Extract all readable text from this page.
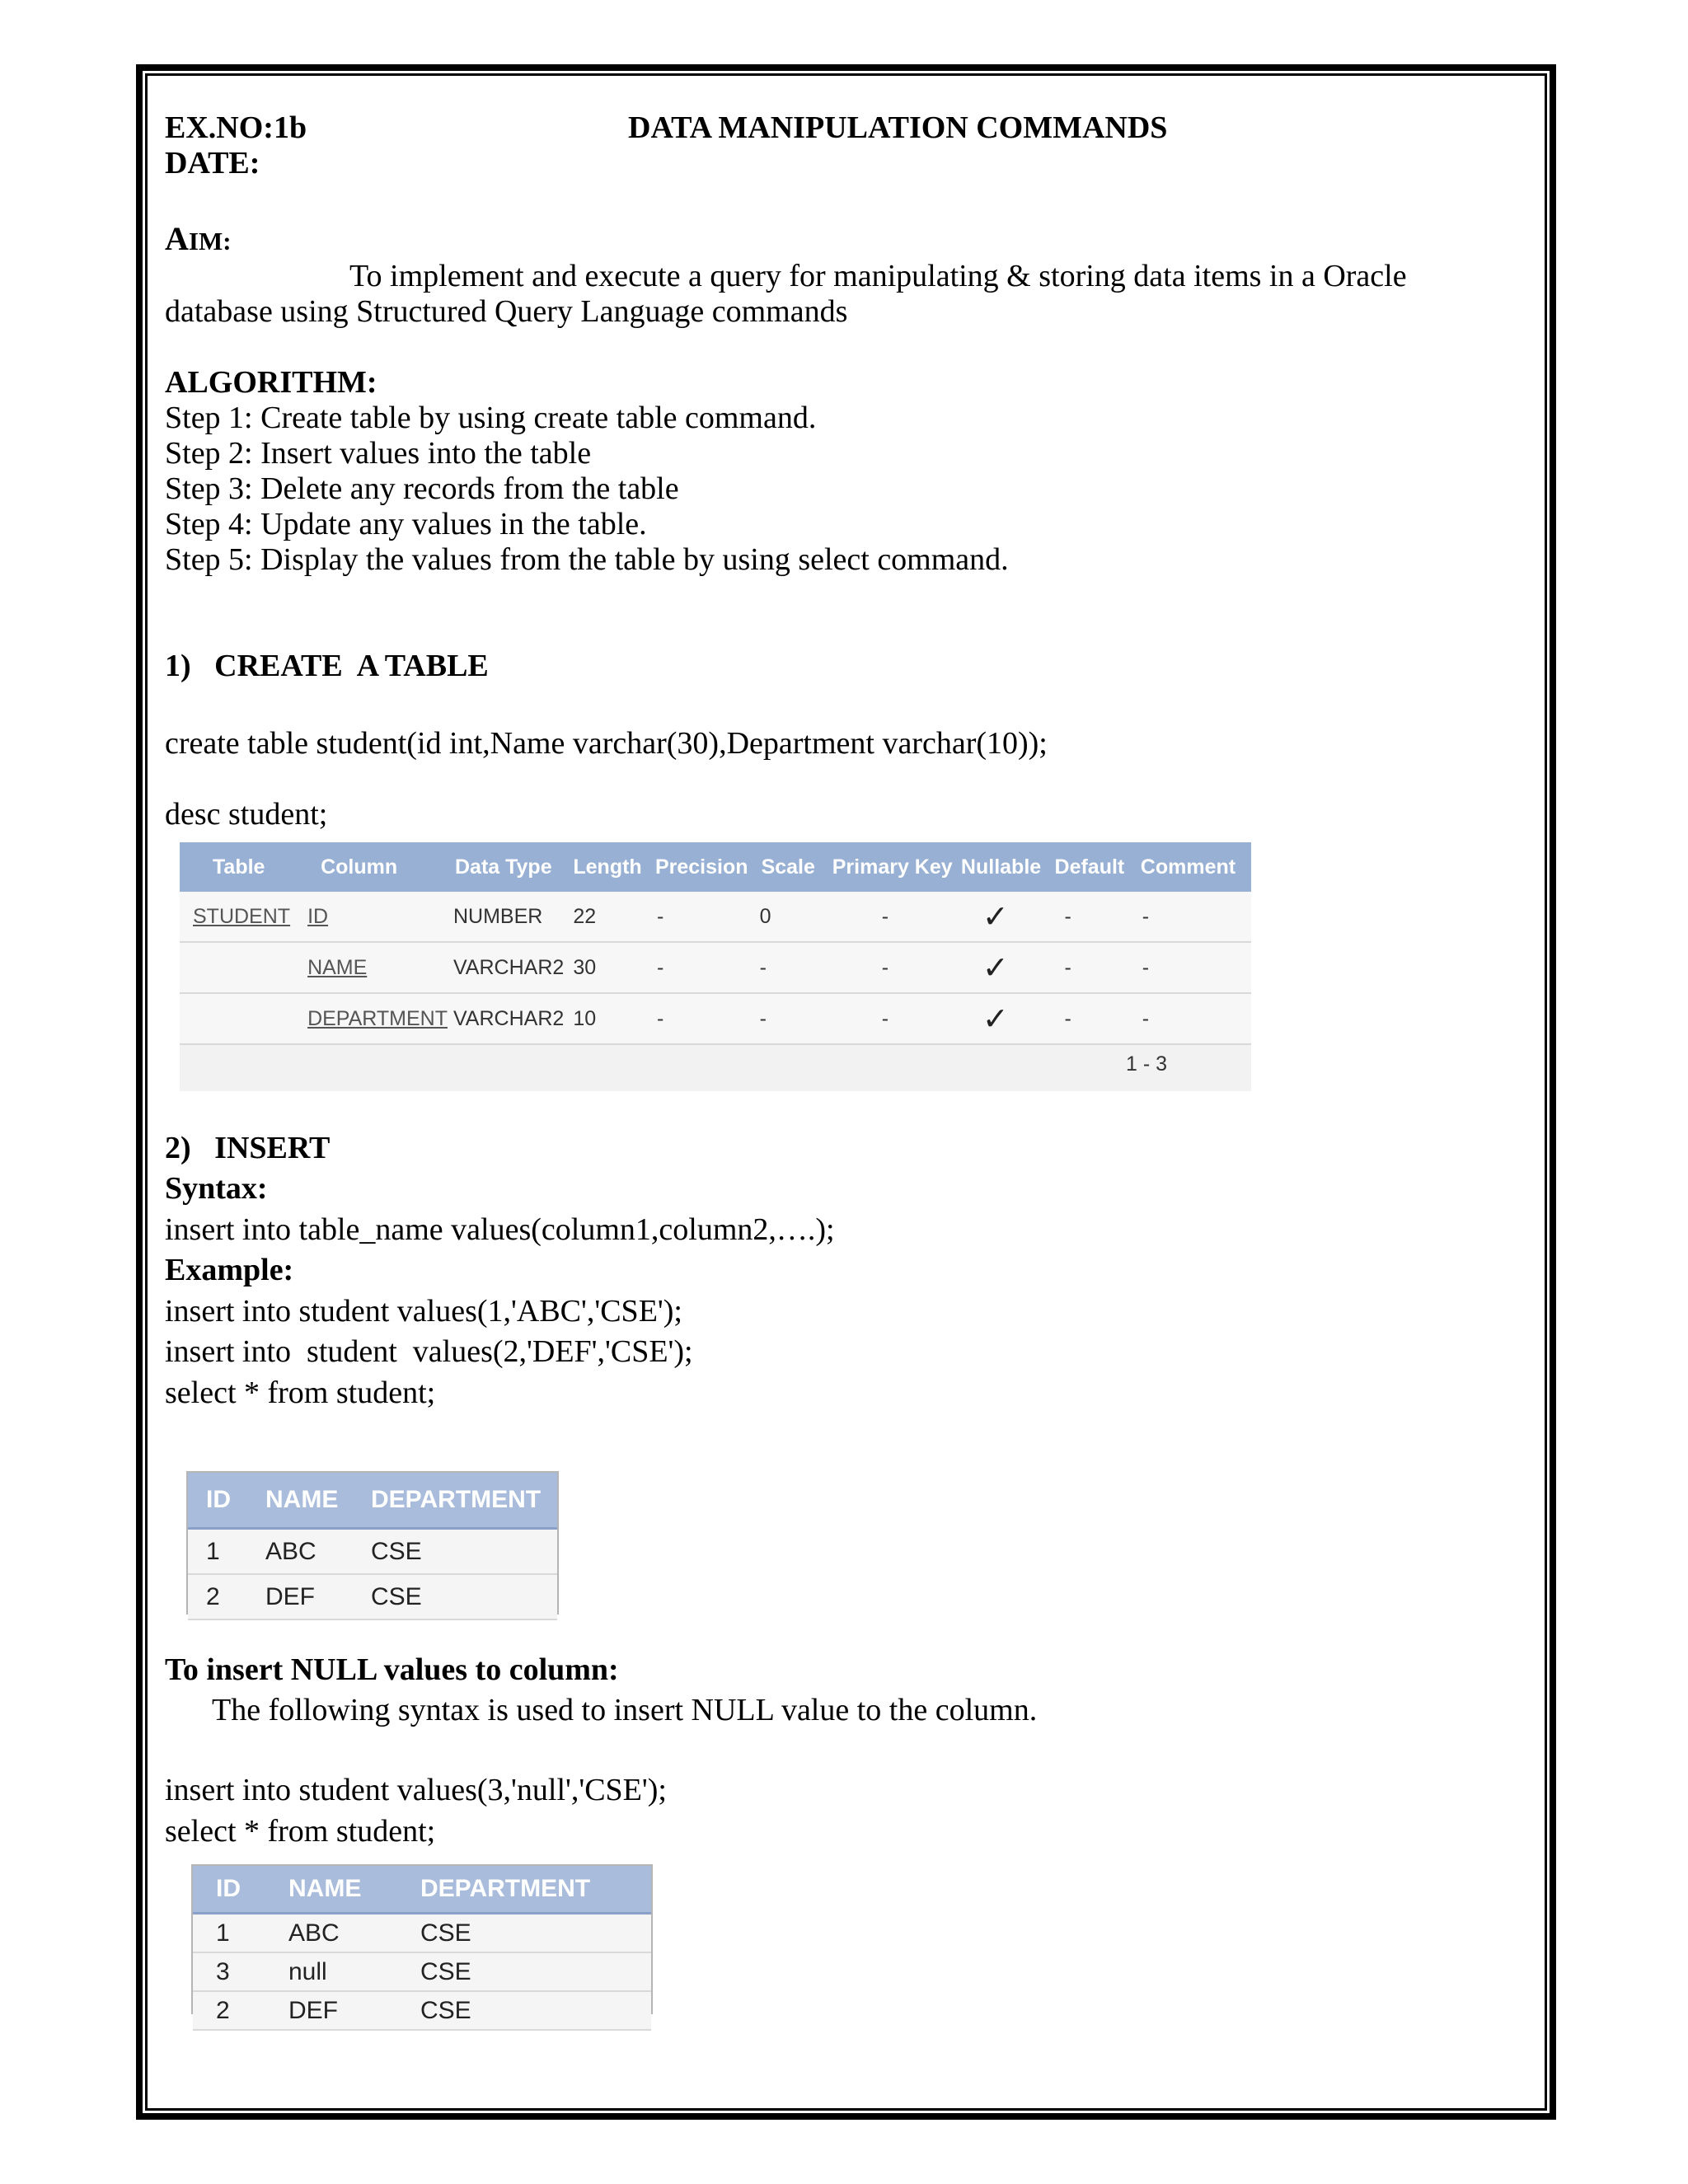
EX.NO:1b	DATA MANIPULATION COMMANDS
DATE:
AIM:
To implement and execute a query for manipulating & storing data items in a Oracle
database using Structured Query Language commands
ALGORITHM:
Step 1: Create table by using create table command.
Step 2: Insert values into the table
Step 3: Delete any records from the table
Step 4: Update any values in the table.
Step 5: Display the values from the table by using select command.
1)   CREATE  A TABLE
create table student(id int,Name varchar(30),Department varchar(10));
desc student;
Table	Column	Data Type	Length	Precision	Scale	Primary Key	Nullable	Default	Comment
STUDENT	ID	NUMBER	22	-	0	-	✓	-	-
	NAME	VARCHAR2	30	-	-	-	✓	-	-
	DEPARTMENT	VARCHAR2	10	-	-	-	✓	-	-
1 - 3
2)   INSERT
Syntax:
insert into table_name values(column1,column2,….);
Example:
insert into student values(1,'ABC','CSE');
insert into  student  values(2,'DEF','CSE');
select * from student;
ID	NAME	DEPARTMENT
1	ABC	CSE
2	DEF	CSE
To insert NULL values to column:
The following syntax is used to insert NULL value to the column.
insert into student values(3,'null','CSE');
select * from student;
ID	NAME	DEPARTMENT
1	ABC	CSE
3	null	CSE
2	DEF	CSE
